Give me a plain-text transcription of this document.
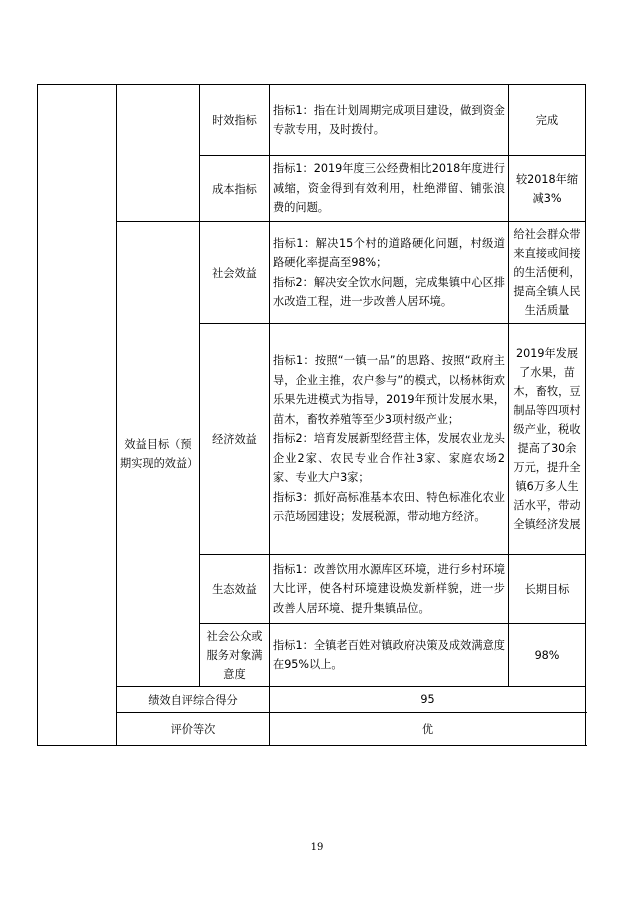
		时效指标	指标1：指在计划周期完成项目建设，做到资金专款专用，及时拨付。	完成
		成本指标	指标1：2019年度三公经费相比2018年度进行减缩，资金得到有效利用，杜绝滞留、铺张浪费的问题。	较2018年缩减3%
	效益目标（预期实现的效益）	社会效益	指标1：解决15个村的道路硬化问题，村级道路硬化率提高至98%；
指标2：解决安全饮水问题，完成集镇中心区排水改造工程，进一步改善人居环境。	给社会群众带来直接或间接的生活便利，提高全镇人民生活质量
		经济效益	指标1：按照“一镇一品”的思路、按照“政府主导，企业主推，农户参与”的模式，以杨林街欢乐果先进模式为指导，2019年预计发展水果，苗木，畜牧养殖等至少3项村级产业；
指标2：培育发展新型经营主体，发展农业龙头企业2家、农民专业合作社3家、家庭农场2家、专业大户3家；
指标3：抓好高标准基本农田、特色标准化农业示范场园建设；发展税源，带动地方经济。	2019年发展了水果，苗木，畜牧，豆制品等四项村级产业，税收提高了30余万元，提升全镇6万多人生活水平，带动全镇经济发展
		生态效益	指标1：改善饮用水源库区环境，进行乡村环境大比评，使各村环境建设焕发新样貌，进一步改善人居环境、提升集镇品位。	长期目标
		社会公众或服务对象满意度	指标1：全镇老百姓对镇政府决策及成效满意度在95%以上。	98%
	绩效自评综合得分		95	
	评价等次		优	
19
